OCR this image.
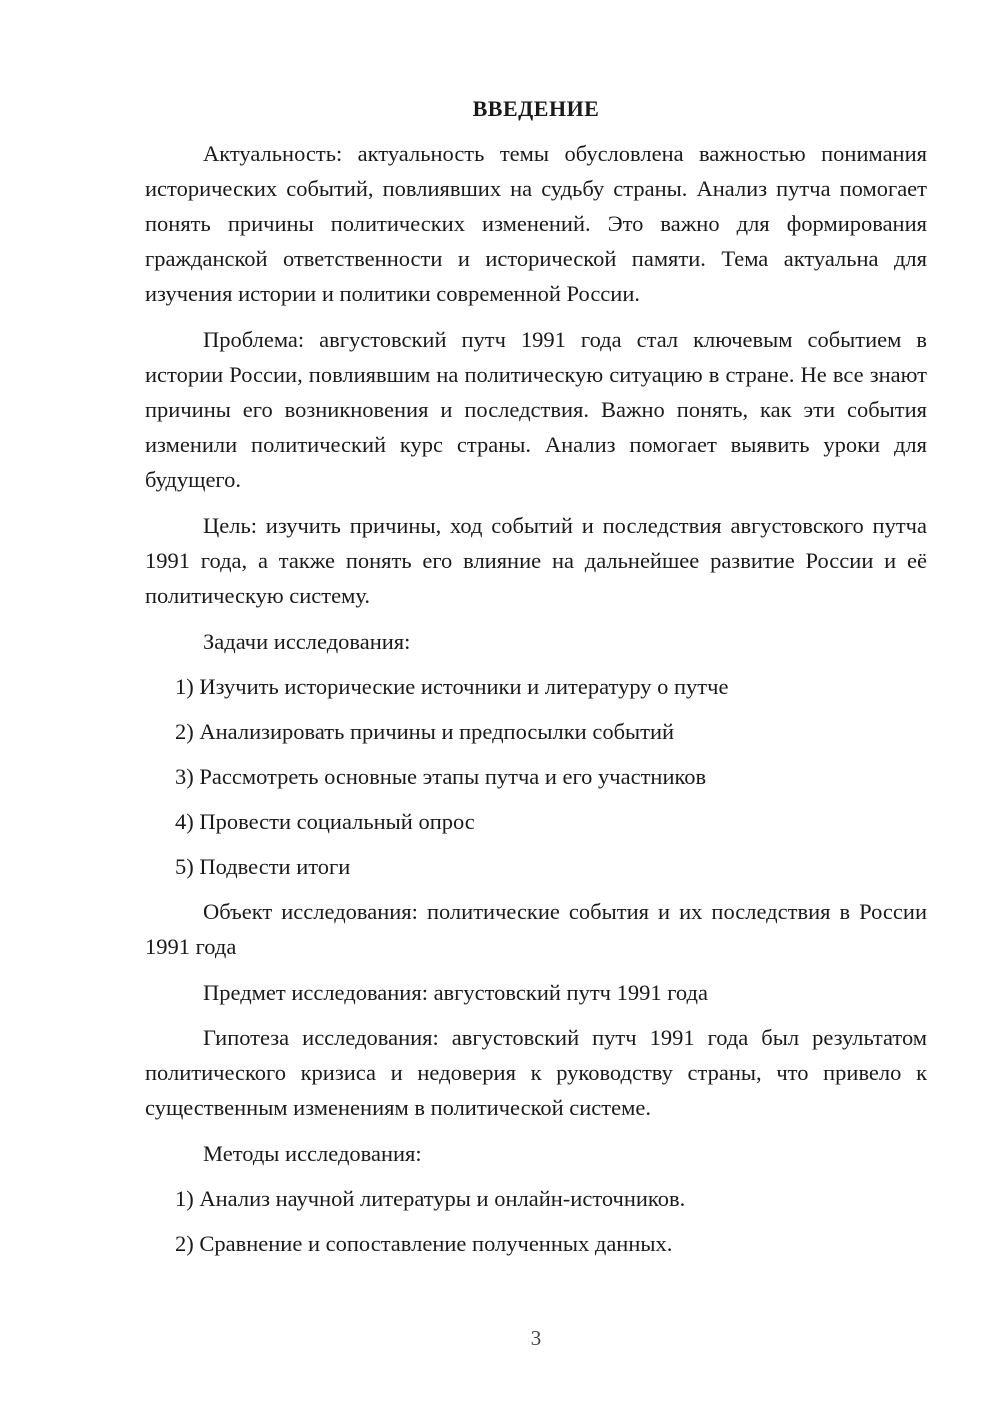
ВВЕДЕНИЕ

Актуальность: актуальность темы обусловлена важностью понимания исторических событий, повлиявших на судьбу страны. Анализ путча помогает понять причины политических изменений. Это важно для формирования гражданской ответственности и исторической памяти. Тема актуальна для изучения истории и политики современной России.

Проблема: августовский путч 1991 года стал ключевым событием в истории России, повлиявшим на политическую ситуацию в стране. Не все знают причины его возникновения и последствия. Важно понять, как эти события изменили политический курс страны. Анализ помогает выявить уроки для будущего.

Цель: изучить причины, ход событий и последствия августовского путча 1991 года, а также понять его влияние на дальнейшее развитие России и её политическую систему.

Задачи исследования:

1) Изучить исторические источники и литературу о путче
2) Анализировать причины и предпосылки событий
3) Рассмотреть основные этапы путча и его участников
4) Провести социальный опрос
5) Подвести итоги

Объект исследования: политические события и их последствия в России 1991 года

Предмет исследования: августовский путч 1991 года

Гипотеза исследования: августовский путч 1991 года был результатом политического кризиса и недоверия к руководству страны, что привело к существенным изменениям в политической системе.

Методы исследования:

1) Анализ научной литературы и онлайн-источников.
2) Сравнение и сопоставление полученных данных.
3
